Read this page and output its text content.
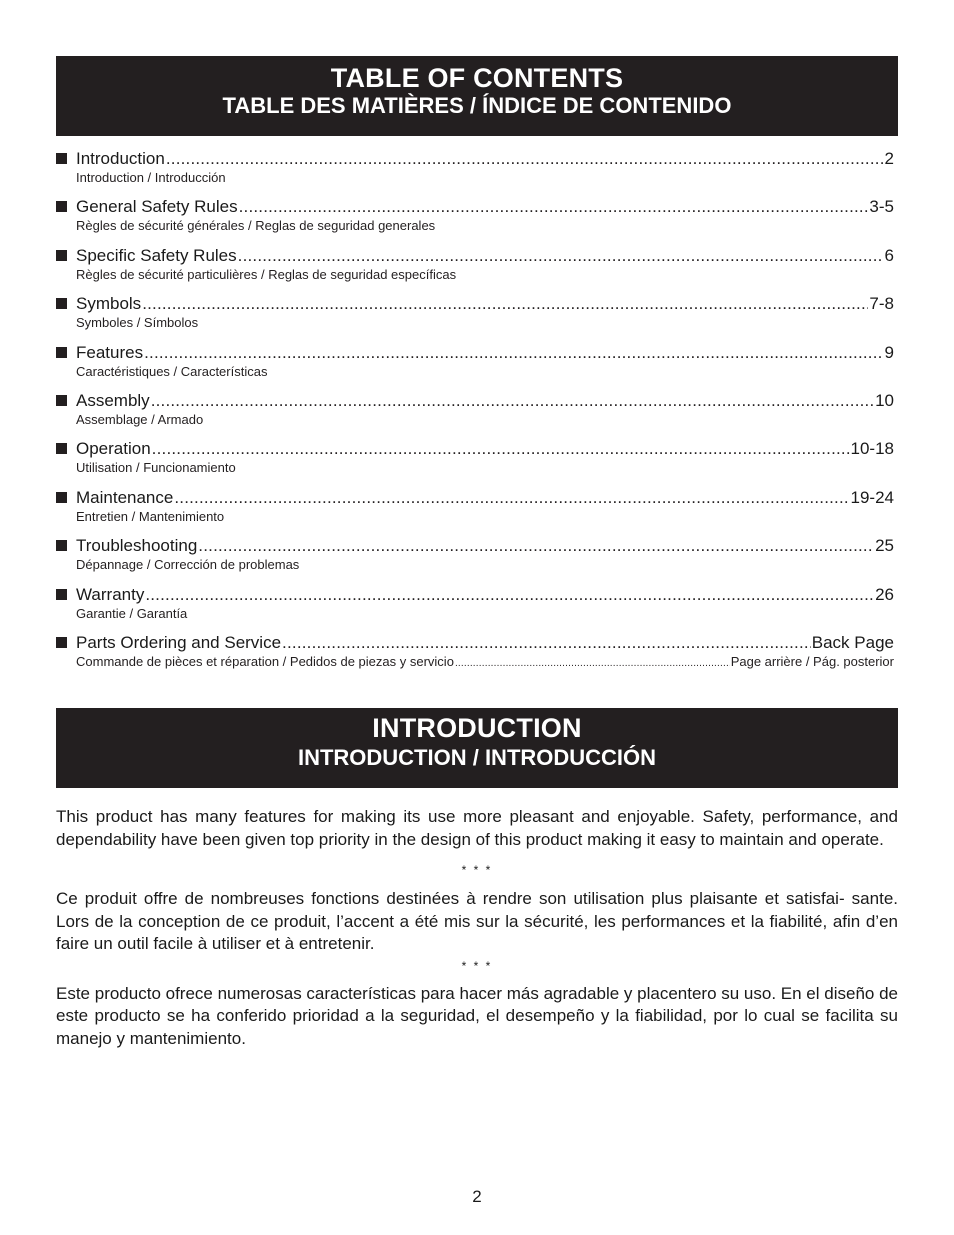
TABLE OF CONTENTS
TABLE DES MATIÈRES / ÍNDICE DE CONTENIDO
Introduction .....	2
Introduction / Introducción
General Safety Rules .....	3-5
Règles de sécurité générales / Reglas de seguridad generales
Specific Safety Rules .....	6
Règles de sécurité particulières / Reglas de seguridad específicas
Symbols .....	7-8
Symboles / Símbolos
Features .....	9
Caractéristiques / Características
Assembly .....	10
Assemblage / Armado
Operation .....	10-18
Utilisation / Funcionamiento
Maintenance .....	19-24
Entretien / Mantenimiento
Troubleshooting .....	25
Dépannage / Corrección de problemas
Warranty .....	26
Garantie / Garantía
Parts Ordering and Service .....	Back Page
Commande de pièces et réparation / Pedidos de piezas y servicio .....	Page arrière / Pág. posterior
INTRODUCTION
INTRODUCTION / INTRODUCCIÓN

This product has many features for making its use more pleasant and enjoyable. Safety, performance, and dependability have been given top priority in the design of this product making it easy to maintain and operate.

* * *

Ce produit offre de nombreuses fonctions destinées à rendre son utilisation plus plaisante et satisfai- sante. Lors de la conception de ce produit, l’accent a été mis sur la sécurité, les performances et la fiabilité, afin d’en faire un outil facile à utiliser et à entretenir.

* * *

Este producto ofrece numerosas características para hacer más agradable y placentero su uso. En el diseño de este producto se ha conferido prioridad a la seguridad, el desempeño y la fiabilidad, por lo cual se facilita su manejo y mantenimiento.

2
